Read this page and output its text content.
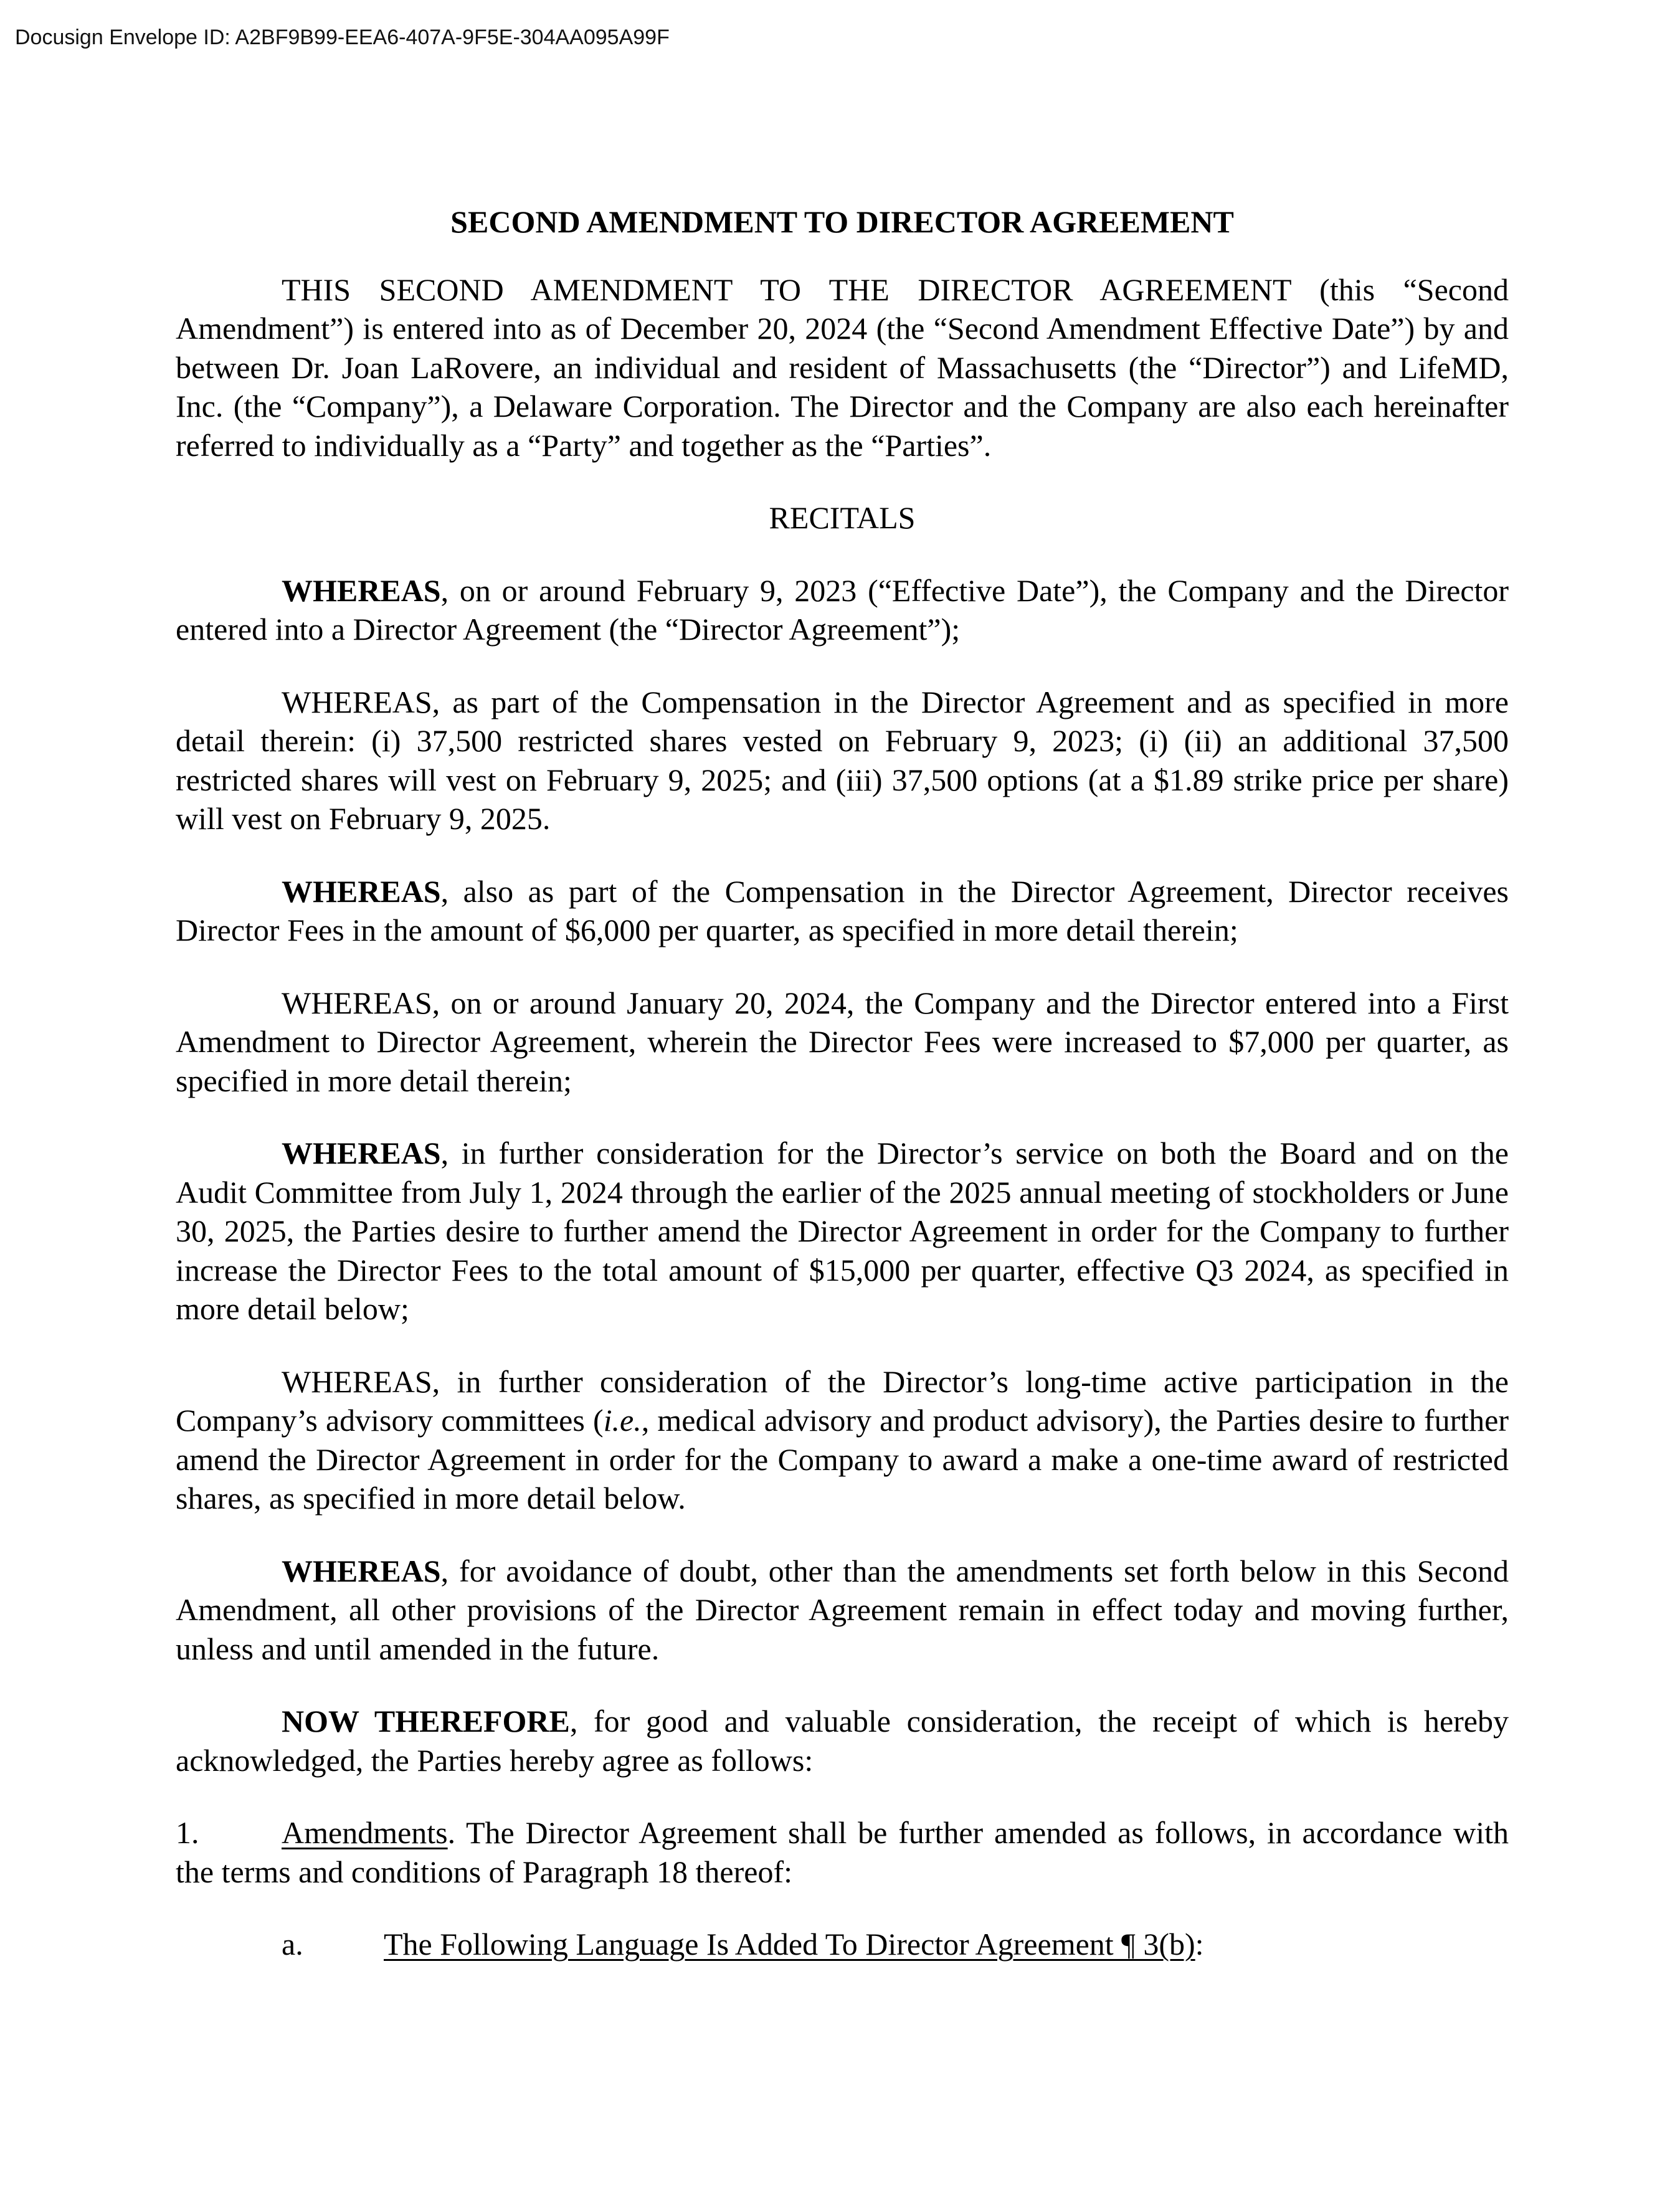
Docusign Envelope ID: A2BF9B99-EEA6-407A-9F5E-304AA095A99F
SECOND AMENDMENT TO DIRECTOR AGREEMENT

THIS SECOND AMENDMENT TO THE DIRECTOR AGREEMENT (this “Second Amendment”) is entered into as of December 20, 2024 (the “Second Amendment Effective Date”) by and between Dr. Joan LaRovere, an individual and resident of Massachusetts (the “Director”) and LifeMD, Inc. (the “Company”), a Delaware Corporation. The Director and the Company are also each hereinafter referred to individually as a “Party” and together as the “Parties”.

RECITALS

WHEREAS, on or around February 9, 2023 (“Effective Date”), the Company and the Director entered into a Director Agreement (the “Director Agreement”);

WHEREAS, as part of the Compensation in the Director Agreement and as specified in more detail therein: (i) 37,500 restricted shares vested on February 9, 2023; (i) (ii) an additional 37,500 restricted shares will vest on February 9, 2025; and (iii) 37,500 options (at a $1.89 strike price per share) will vest on February 9, 2025.

WHEREAS, also as part of the Compensation in the Director Agreement, Director receives Director Fees in the amount of $6,000 per quarter, as specified in more detail therein;

WHEREAS, on or around January 20, 2024, the Company and the Director entered into a First Amendment to Director Agreement, wherein the Director Fees were increased to $7,000 per quarter, as specified in more detail therein;

WHEREAS, in further consideration for the Director’s service on both the Board and on the Audit Committee from July 1, 2024 through the earlier of the 2025 annual meeting of stockholders or June 30, 2025, the Parties desire to further amend the Director Agreement in order for the Company to further increase the Director Fees to the total amount of $15,000 per quarter, effective Q3 2024, as specified in more detail below;

WHEREAS, in further consideration of the Director’s long-time active participation in the Company’s advisory committees (i.e., medical advisory and product advisory), the Parties desire to further amend the Director Agreement in order for the Company to award a make a one-time award of restricted shares, as specified in more detail below.

WHEREAS, for avoidance of doubt, other than the amendments set forth below in this Second Amendment, all other provisions of the Director Agreement remain in effect today and moving further, unless and until amended in the future.

NOW THEREFORE, for good and valuable consideration, the receipt of which is hereby acknowledged, the Parties hereby agree as follows:

1.	Amendments. The Director Agreement shall be further amended as follows, in accordance with the terms and conditions of Paragraph 18 thereof:

a.	The Following Language Is Added To Director Agreement ¶ 3(b):
